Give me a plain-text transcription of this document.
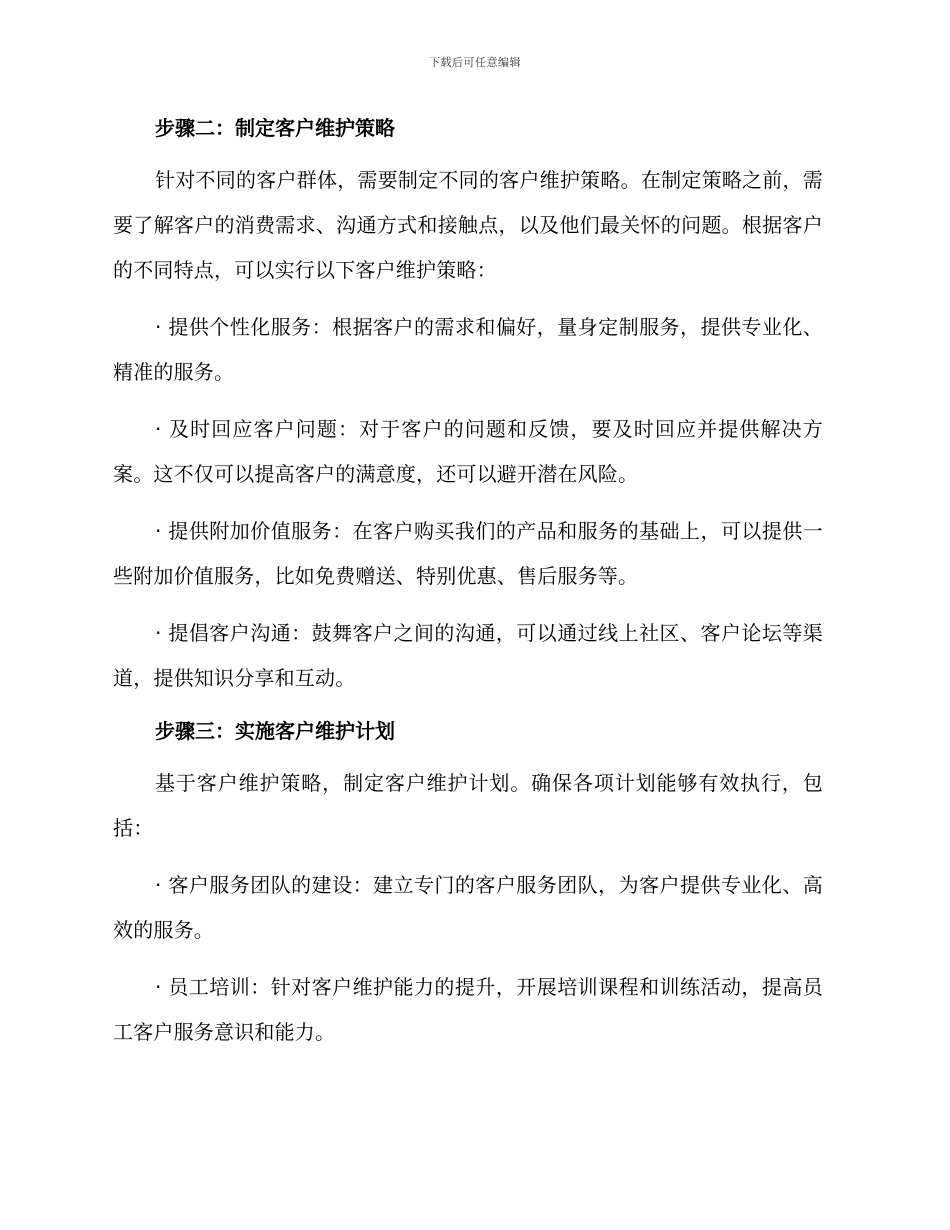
下载后可任意编辑
步骤二：制定客户维护策略

针对不同的客户群体，需要制定不同的客户维护策略。在制定策略之前，需要了解客户的消费需求、沟通方式和接触点，以及他们最关怀的问题。根据客户的不同特点，可以实行以下客户维护策略：

· 提供个性化服务：根据客户的需求和偏好，量身定制服务，提供专业化、精准的服务。

· 及时回应客户问题：对于客户的问题和反馈，要及时回应并提供解决方案。这不仅可以提高客户的满意度，还可以避开潜在风险。

· 提供附加价值服务：在客户购买我们的产品和服务的基础上，可以提供一些附加价值服务，比如免费赠送、特别优惠、售后服务等。

· 提倡客户沟通：鼓舞客户之间的沟通，可以通过线上社区、客户论坛等渠道，提供知识分享和互动。

步骤三：实施客户维护计划

基于客户维护策略，制定客户维护计划。确保各项计划能够有效执行，包括：

· 客户服务团队的建设：建立专门的客户服务团队，为客户提供专业化、高效的服务。

· 员工培训：针对客户维护能力的提升，开展培训课程和训练活动，提高员工客户服务意识和能力。
